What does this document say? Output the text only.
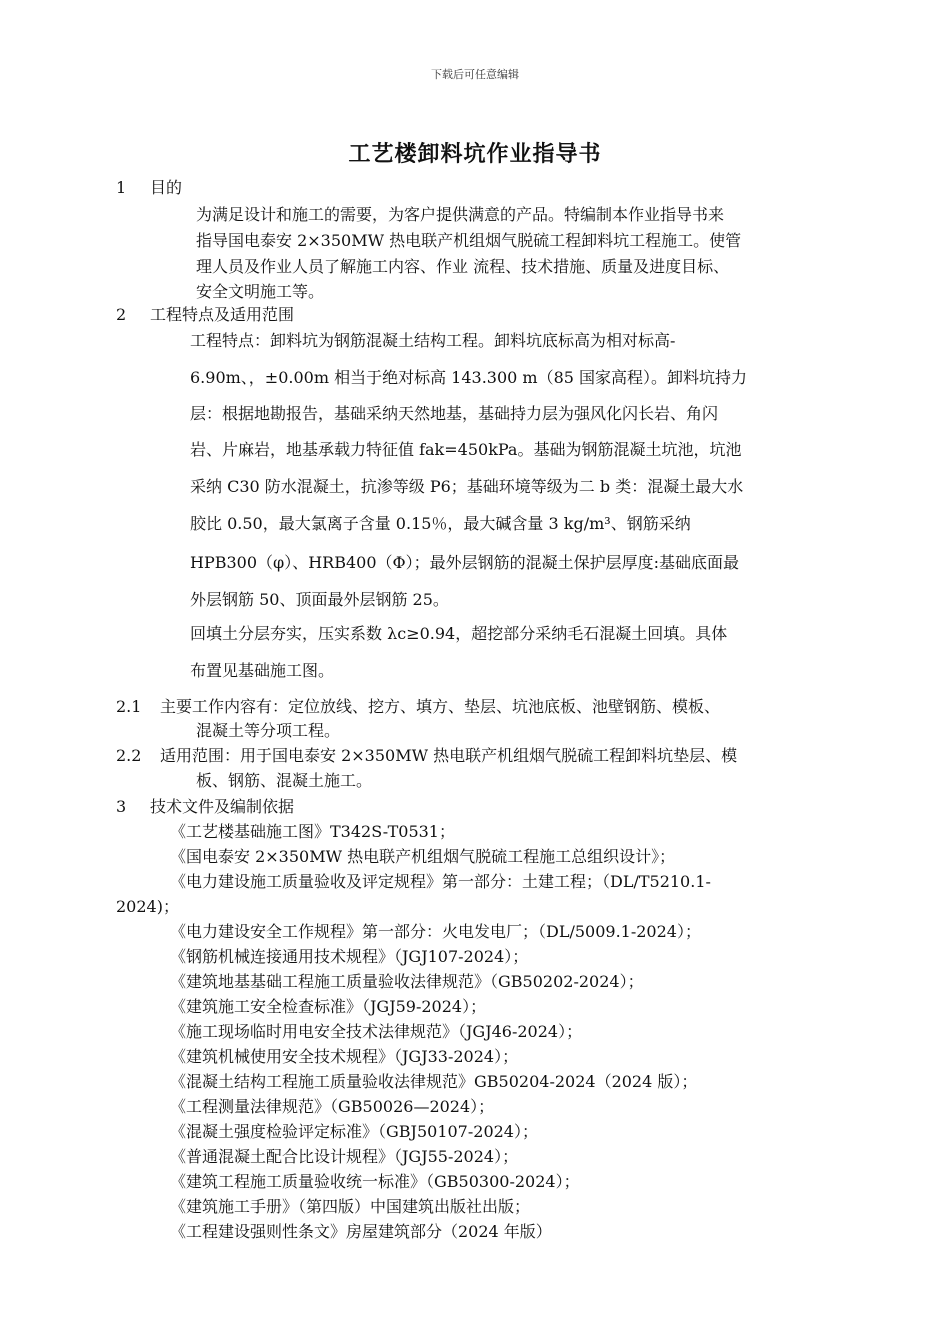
下载后可任意编辑
工艺楼卸料坑作业指导书
1 目的
为满足设计和施工的需要，为客户提供满意的产品。特编制本作业指导书来
指导国电泰安 2×350MW 热电联产机组烟气脱硫工程卸料坑工程施工。使管
理人员及作业人员了解施工内容、作业 流程、技术措施、质量及进度目标、
安全文明施工等。
2 工程特点及适用范围
工程特点：卸料坑为钢筋混凝土结构工程。卸料坑底标高为相对标高-
6.90m、，±0.00m 相当于绝对标高 143.300 m（85 国家高程）。卸料坑持力
层：根据地勘报告，基础采纳天然地基，基础持力层为强风化闪长岩、角闪
岩、片麻岩，地基承载力特征值 fak=450kPa。基础为钢筋混凝土坑池，坑池
采纳 C30 防水混凝土，抗渗等级 P6；基础环境等级为二 b 类：混凝土最大水
胶比 0.50，最大氯离子含量 0.15％，最大碱含量 3 kg/m³、钢筋采纳
HPB300（φ）、HRB400（Φ）；最外层钢筋的混凝土保护层厚度:基础底面最
外层钢筋 50、顶面最外层钢筋 25。
回填土分层夯实，压实系数 λc≥0.94，超挖部分采纳毛石混凝土回填。具体
布置见基础施工图。
2.1 主要工作内容有：定位放线、挖方、填方、垫层、坑池底板、池壁钢筋、模板、
混凝土等分项工程。
2.2 适用范围：用于国电泰安 2×350MW 热电联产机组烟气脱硫工程卸料坑垫层、模
板、钢筋、混凝土施工。
3 技术文件及编制依据
《工艺楼基础施工图》T342S-T0531；
《国电泰安 2×350MW 热电联产机组烟气脱硫工程施工总组织设计》；
《电力建设施工质量验收及评定规程》第一部分：土建工程；（DL/T5210.1-
2024)；
《电力建设安全工作规程》第一部分：火电发电厂；（DL/5009.1-2024）；
《钢筋机械连接通用技术规程》（JGJ107-2024）；
《建筑地基基础工程施工质量验收法律规范》（GB50202-2024）；
《建筑施工安全检查标准》（JGJ59-2024）；
《施工现场临时用电安全技术法律规范》（JGJ46-2024）；
《建筑机械使用安全技术规程》（JGJ33-2024）；
《混凝土结构工程施工质量验收法律规范》GB50204-2024（2024 版）；
《工程测量法律规范》（GB50026—2024）；
《混凝土强度检验评定标准》（GBJ50107-2024）；
《普通混凝土配合比设计规程》（JGJ55-2024）；
《建筑工程施工质量验收统一标准》（GB50300-2024）；
《建筑施工手册》（第四版）中国建筑出版社出版；
《工程建设强则性条文》房屋建筑部分（2024 年版）
